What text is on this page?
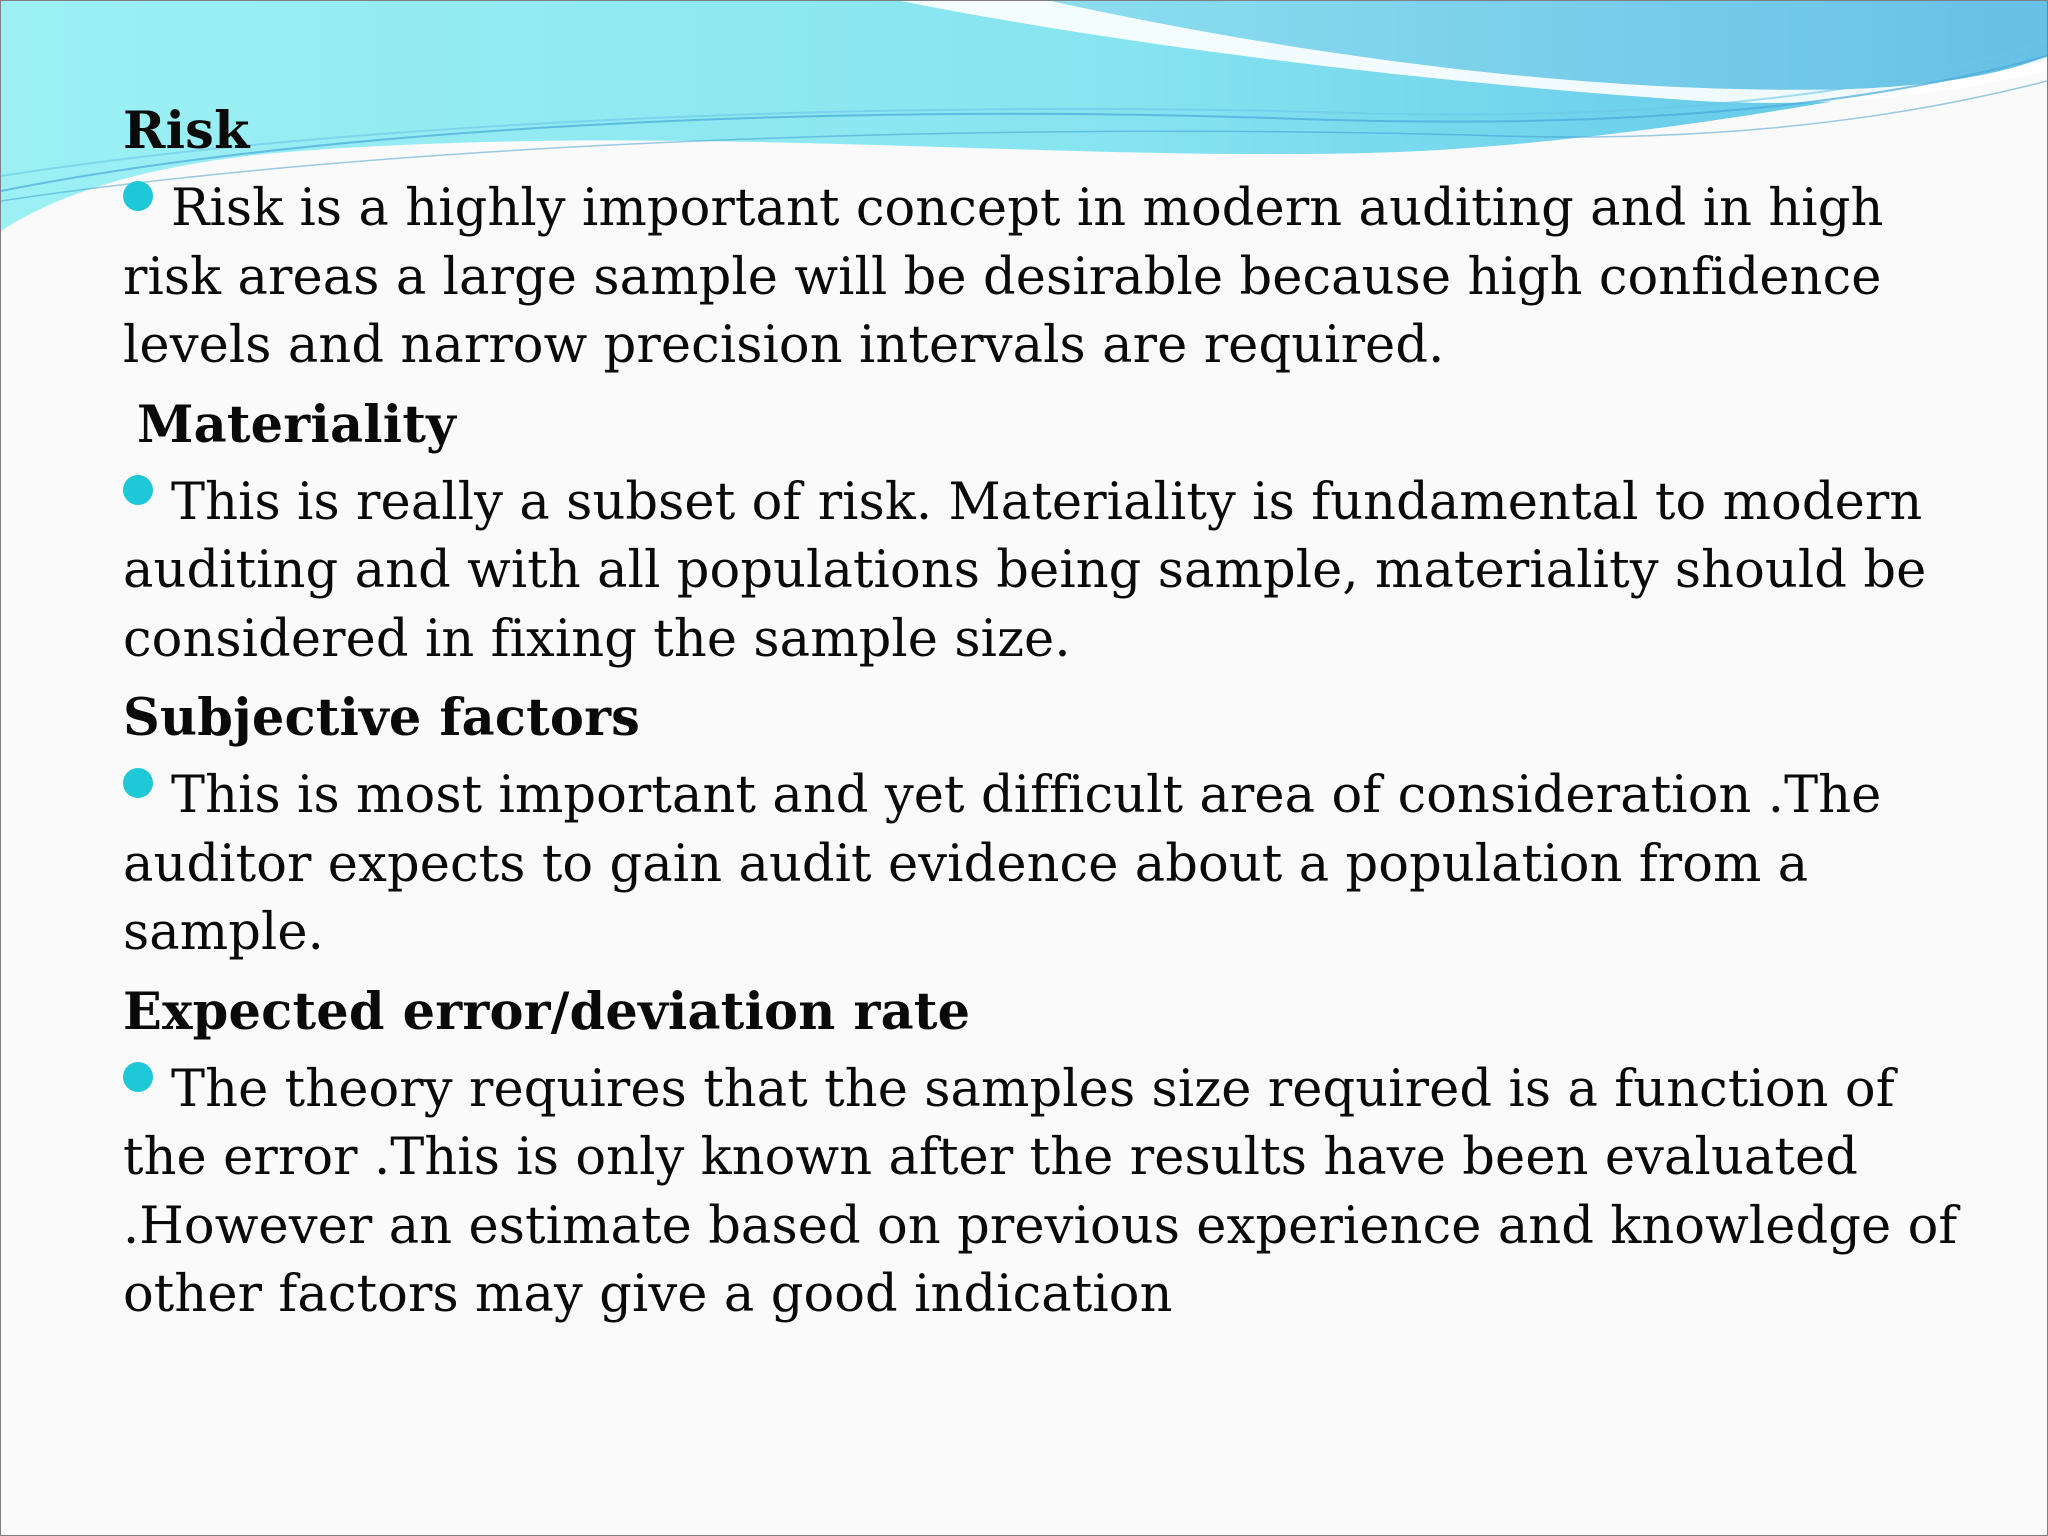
Risk

Risk is a highly important concept in modern auditing and in high risk areas a large sample will be desirable because high confidence levels and narrow precision intervals are required.

Materiality

This is really a subset of risk. Materiality is fundamental to modern auditing and with all populations being sample, materiality should be considered in fixing the sample size.

Subjective factors

This is most important and yet difficult area of consideration .The auditor expects to gain audit evidence about a population from a sample.

Expected error/deviation rate

The theory requires that the samples size required is a function of the error .This is only known after the results have been evaluated .However an estimate based on previous experience and knowledge of other factors may give a good indication
